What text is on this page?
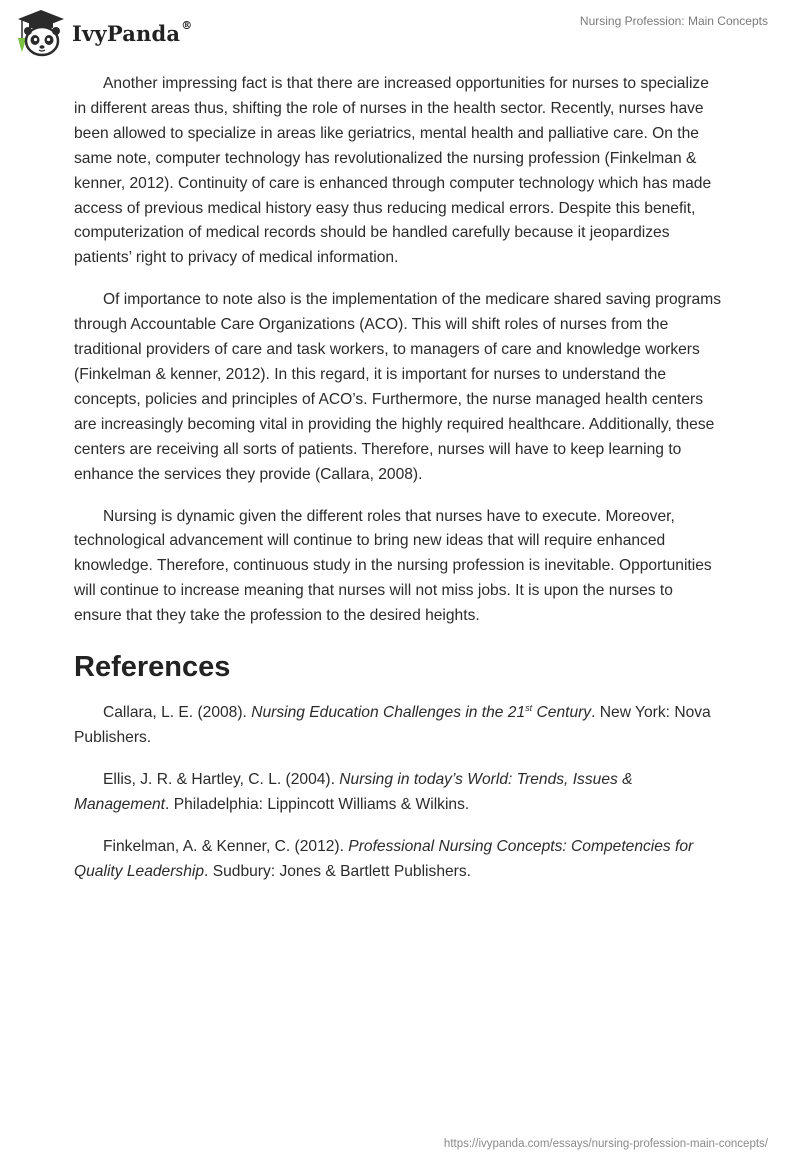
IvyPanda®	Nursing Profession: Main Concepts

Another impressing fact is that there are increased opportunities for nurses to specialize in different areas thus, shifting the role of nurses in the health sector. Recently, nurses have been allowed to specialize in areas like geriatrics, mental health and palliative care. On the same note, computer technology has revolutionalized the nursing profession (Finkelman & kenner, 2012). Continuity of care is enhanced through computer technology which has made access of previous medical history easy thus reducing medical errors. Despite this benefit, computerization of medical records should be handled carefully because it jeopardizes patients’ right to privacy of medical information.

Of importance to note also is the implementation of the medicare shared saving programs through Accountable Care Organizations (ACO). This will shift roles of nurses from the traditional providers of care and task workers, to managers of care and knowledge workers (Finkelman & kenner, 2012). In this regard, it is important for nurses to understand the concepts, policies and principles of ACO’s. Furthermore, the nurse managed health centers are increasingly becoming vital in providing the highly required healthcare. Additionally, these centers are receiving all sorts of patients. Therefore, nurses will have to keep learning to enhance the services they provide (Callara, 2008).

Nursing is dynamic given the different roles that nurses have to execute. Moreover, technological advancement will continue to bring new ideas that will require enhanced knowledge. Therefore, continuous study in the nursing profession is inevitable. Opportunities will continue to increase meaning that nurses will not miss jobs. It is upon the nurses to ensure that they take the profession to the desired heights.

References

Callara, L. E. (2008). Nursing Education Challenges in the 21st Century. New York: Nova Publishers.

Ellis, J. R. & Hartley, C. L. (2004). Nursing in today’s World: Trends, Issues & Management. Philadelphia: Lippincott Williams & Wilkins.

Finkelman, A. & Kenner, C. (2012). Professional Nursing Concepts: Competencies for Quality Leadership. Sudbury: Jones & Bartlett Publishers.

https://ivypanda.com/essays/nursing-profession-main-concepts/
